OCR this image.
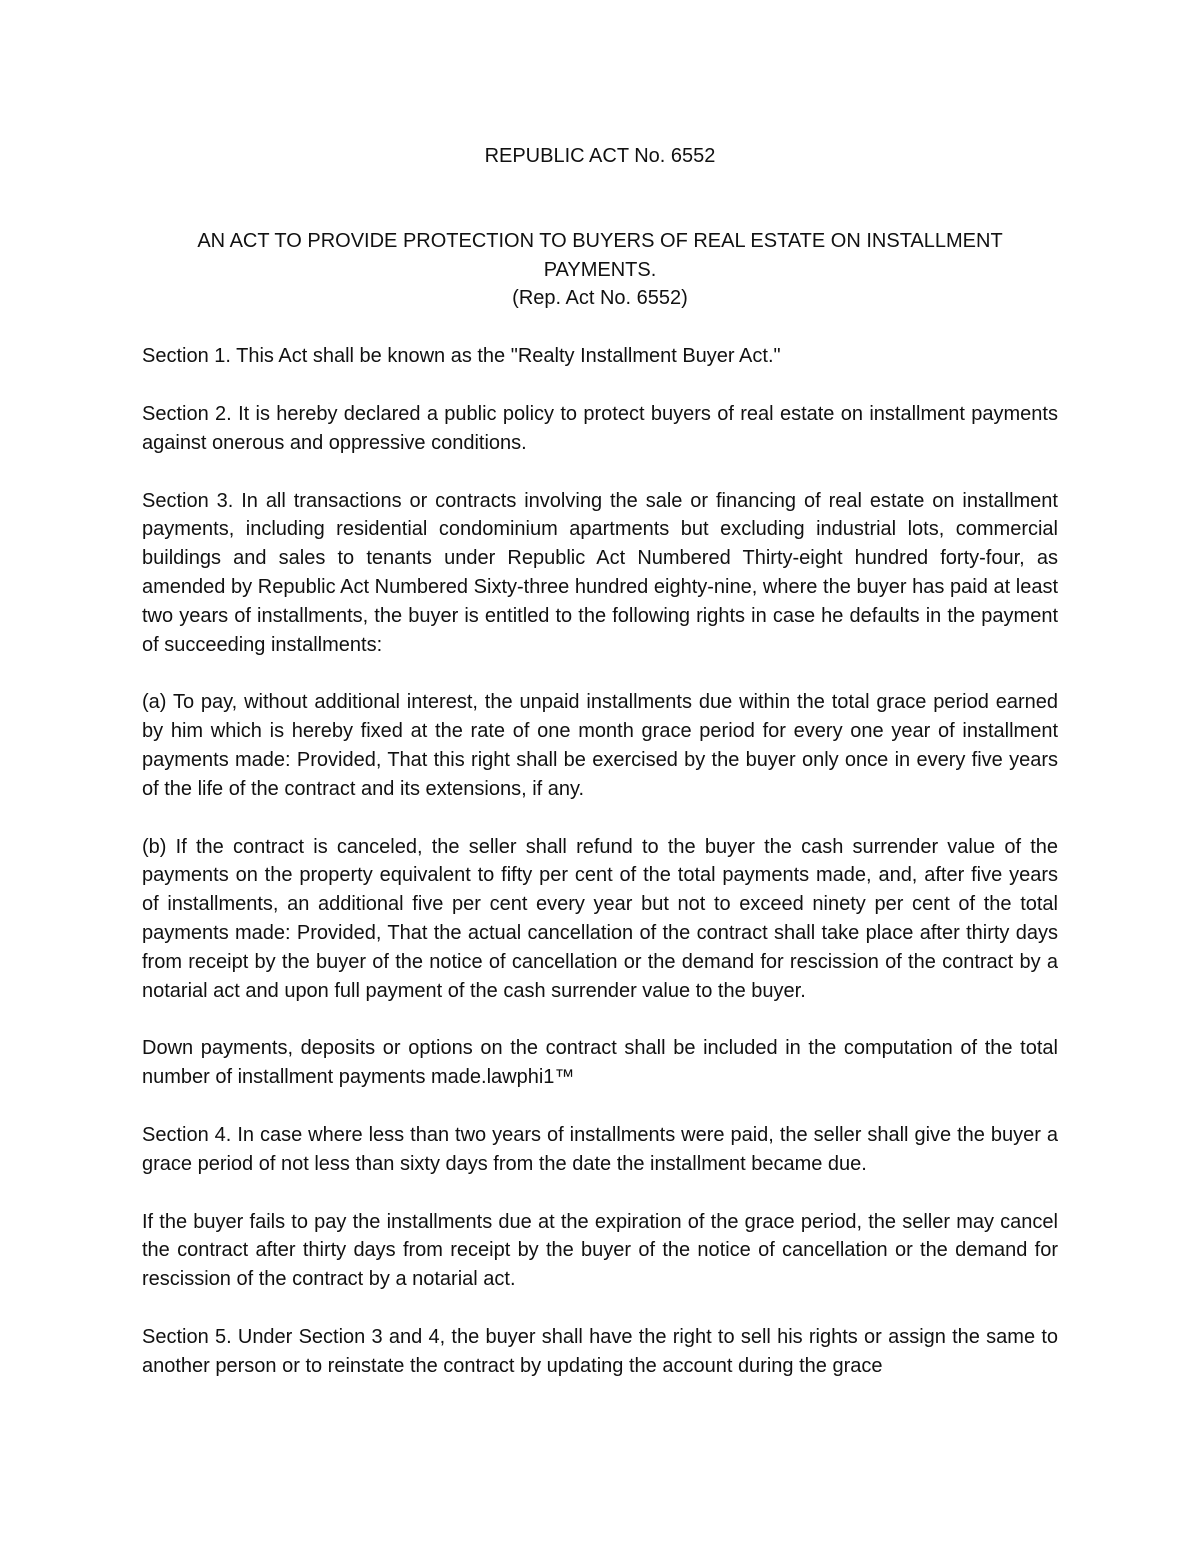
REPUBLIC ACT No. 6552
AN ACT TO PROVIDE PROTECTION TO BUYERS OF REAL ESTATE ON INSTALLMENT PAYMENTS.
(Rep. Act No. 6552)

Section 1. This Act shall be known as the "Realty Installment Buyer Act."

Section 2. It is hereby declared a public policy to protect buyers of real estate on installment payments against onerous and oppressive conditions.

Section 3. In all transactions or contracts involving the sale or financing of real estate on installment payments, including residential condominium apartments but excluding industrial lots, commercial buildings and sales to tenants under Republic Act Numbered Thirty-eight hundred forty-four, as amended by Republic Act Numbered Sixty-three hundred eighty-nine, where the buyer has paid at least two years of installments, the buyer is entitled to the following rights in case he defaults in the payment of succeeding installments:

(a) To pay, without additional interest, the unpaid installments due within the total grace period earned by him which is hereby fixed at the rate of one month grace period for every one year of installment payments made: Provided, That this right shall be exercised by the buyer only once in every five years of the life of the contract and its extensions, if any.

(b) If the contract is canceled, the seller shall refund to the buyer the cash surrender value of the payments on the property equivalent to fifty per cent of the total payments made, and, after five years of installments, an additional five per cent every year but not to exceed ninety per cent of the total payments made: Provided, That the actual cancellation of the contract shall take place after thirty days from receipt by the buyer of the notice of cancellation or the demand for rescission of the contract by a notarial act and upon full payment of the cash surrender value to the buyer.

Down payments, deposits or options on the contract shall be included in the computation of the total number of installment payments made.lawphi1™

Section 4. In case where less than two years of installments were paid, the seller shall give the buyer a grace period of not less than sixty days from the date the installment became due.

If the buyer fails to pay the installments due at the expiration of the grace period, the seller may cancel the contract after thirty days from receipt by the buyer of the notice of cancellation or the demand for rescission of the contract by a notarial act.

Section 5. Under Section 3 and 4, the buyer shall have the right to sell his rights or assign the same to another person or to reinstate the contract by updating the account during the grace
